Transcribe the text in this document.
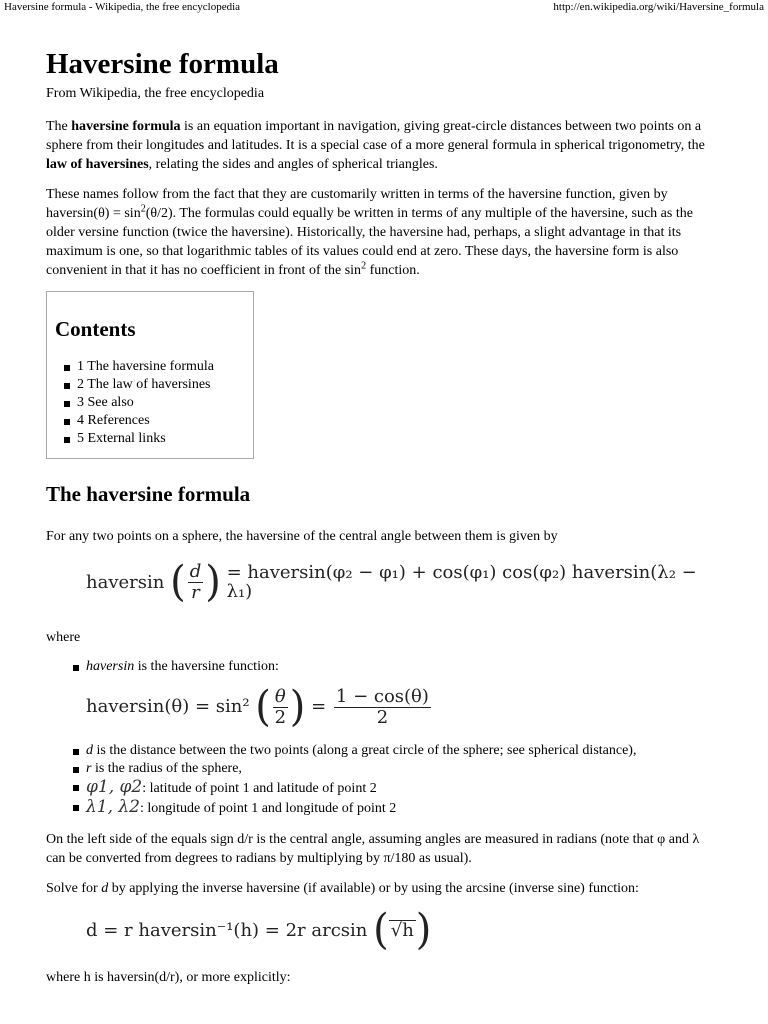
Haversine formula - Wikipedia, the free encyclopedia	http://en.wikipedia.org/wiki/Haversine_formula
Haversine formula
From Wikipedia, the free encyclopedia

The haversine formula is an equation important in navigation, giving great-circle distances between two points on a sphere from their longitudes and latitudes. It is a special case of a more general formula in spherical trigonometry, the law of haversines, relating the sides and angles of spherical triangles.

These names follow from the fact that they are customarily written in terms of the haversine function, given by haversin(θ) = $\sin^2(\theta/2)$. The formulas could equally be written in terms of any multiple of the haversine, such as the older versine function (twice the haversine). Historically, the haversine had, perhaps, a slight advantage in that its maximum is one, so that logarithmic tables of its values could end at zero. These days, the haversine form is also convenient in that it has no coefficient in front of the $\sin^2$ function.

Contents
1 The haversine formula
2 The law of haversines
3 See also
4 References
5 External links
The haversine formula

For any two points on a sphere, the haversine of the central angle between them is given by

haversin
( $\frac{d}{r}$ )
= haversin(φ₂ − φ₁) + cos(φ₁) cos(φ₂) haversin(λ₂ − λ₁)

where

haversin is the haversine function:
haversin(θ) = sin²
( $\frac{\theta}{2}$ )
=
$\frac{1 - \cos(\theta)}{2}$
d is the distance between the two points (along a great circle of the sphere; see spherical distance),
r is the radius of the sphere,
φ1, φ2: latitude of point 1 and latitude of point 2
λ1, λ2: longitude of point 1 and longitude of point 2

On the left side of the equals sign d/r is the central angle, assuming angles are measured in radians (note that φ and λ can be converted from degrees to radians by multiplying by π/180 as usual).

Solve for d by applying the inverse haversine (if available) or by using the arcsine (inverse sine) function:

d = r haversin⁻¹(h) = 2r arcsin
( √h )

where h is haversin(d/r), or more explicitly:
